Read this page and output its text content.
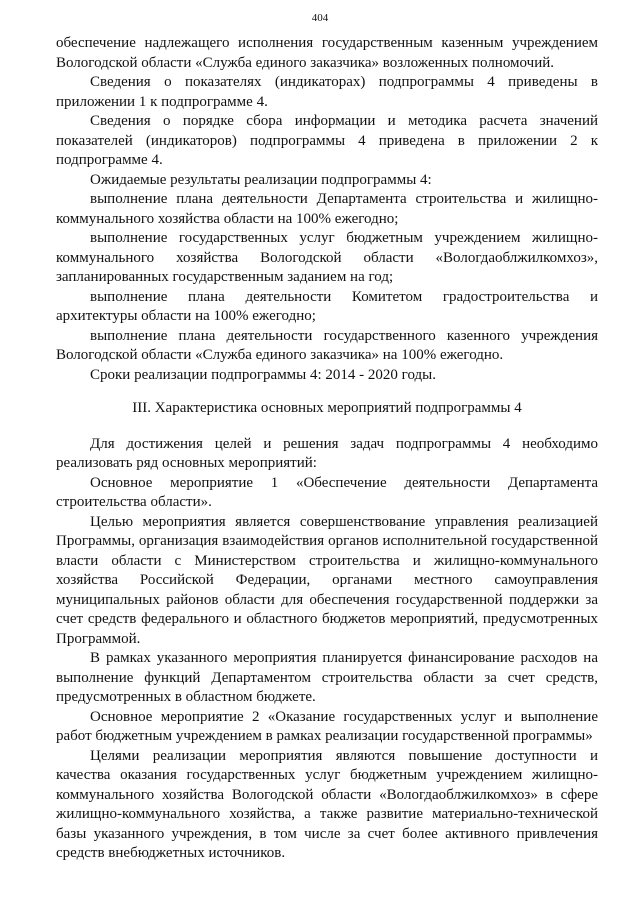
404

обеспечение надлежащего исполнения государственным казенным учреждением Вологодской области «Служба единого заказчика» возложенных полномочий.

Сведения о показателях (индикаторах) подпрограммы 4 приведены в приложении 1 к подпрограмме 4.

Сведения о порядке сбора информации и методика расчета значений показателей (индикаторов) подпрограммы 4 приведена в приложении 2 к подпрограмме 4.

Ожидаемые результаты реализации подпрограммы 4:

выполнение плана деятельности Департамента строительства и жилищно-коммунального хозяйства области на 100% ежегодно;

выполнение государственных услуг бюджетным учреждением жилищно-коммунального хозяйства Вологодской области «Вологдаоблжилкомхоз», запланированных государственным заданием на год;

выполнение плана деятельности Комитетом градостроительства и архитектуры области на 100% ежегодно;

выполнение плана деятельности государственного казенного учреждения Вологодской области «Служба единого заказчика» на 100% ежегодно.

Сроки реализации подпрограммы 4: 2014 - 2020 годы.

III. Характеристика основных мероприятий подпрограммы 4

Для достижения целей и решения задач подпрограммы 4 необходимо реализовать ряд основных мероприятий:

Основное мероприятие 1 «Обеспечение деятельности Департамента строительства области».

Целью мероприятия является совершенствование управления реализацией Программы, организация взаимодействия органов исполнительной государственной власти области с Министерством строительства и жилищно-коммунального хозяйства Российской Федерации, органами местного самоуправления муниципальных районов области для обеспечения государственной поддержки за счет средств федерального и областного бюджетов мероприятий, предусмотренных Программой.

В рамках указанного мероприятия планируется финансирование расходов на выполнение функций Департаментом строительства области за счет средств, предусмотренных в областном бюджете.

Основное мероприятие 2 «Оказание государственных услуг и выполнение работ бюджетным учреждением в рамках реализации государственной программы»

Целями реализации мероприятия являются повышение доступности и качества оказания государственных услуг бюджетным учреждением жилищно-коммунального хозяйства Вологодской области «Вологдаоблжилкомхоз» в сфере жилищно-коммунального хозяйства, а также развитие материально-технической базы указанного учреждения, в том числе за счет более активного привлечения средств внебюджетных источников.
